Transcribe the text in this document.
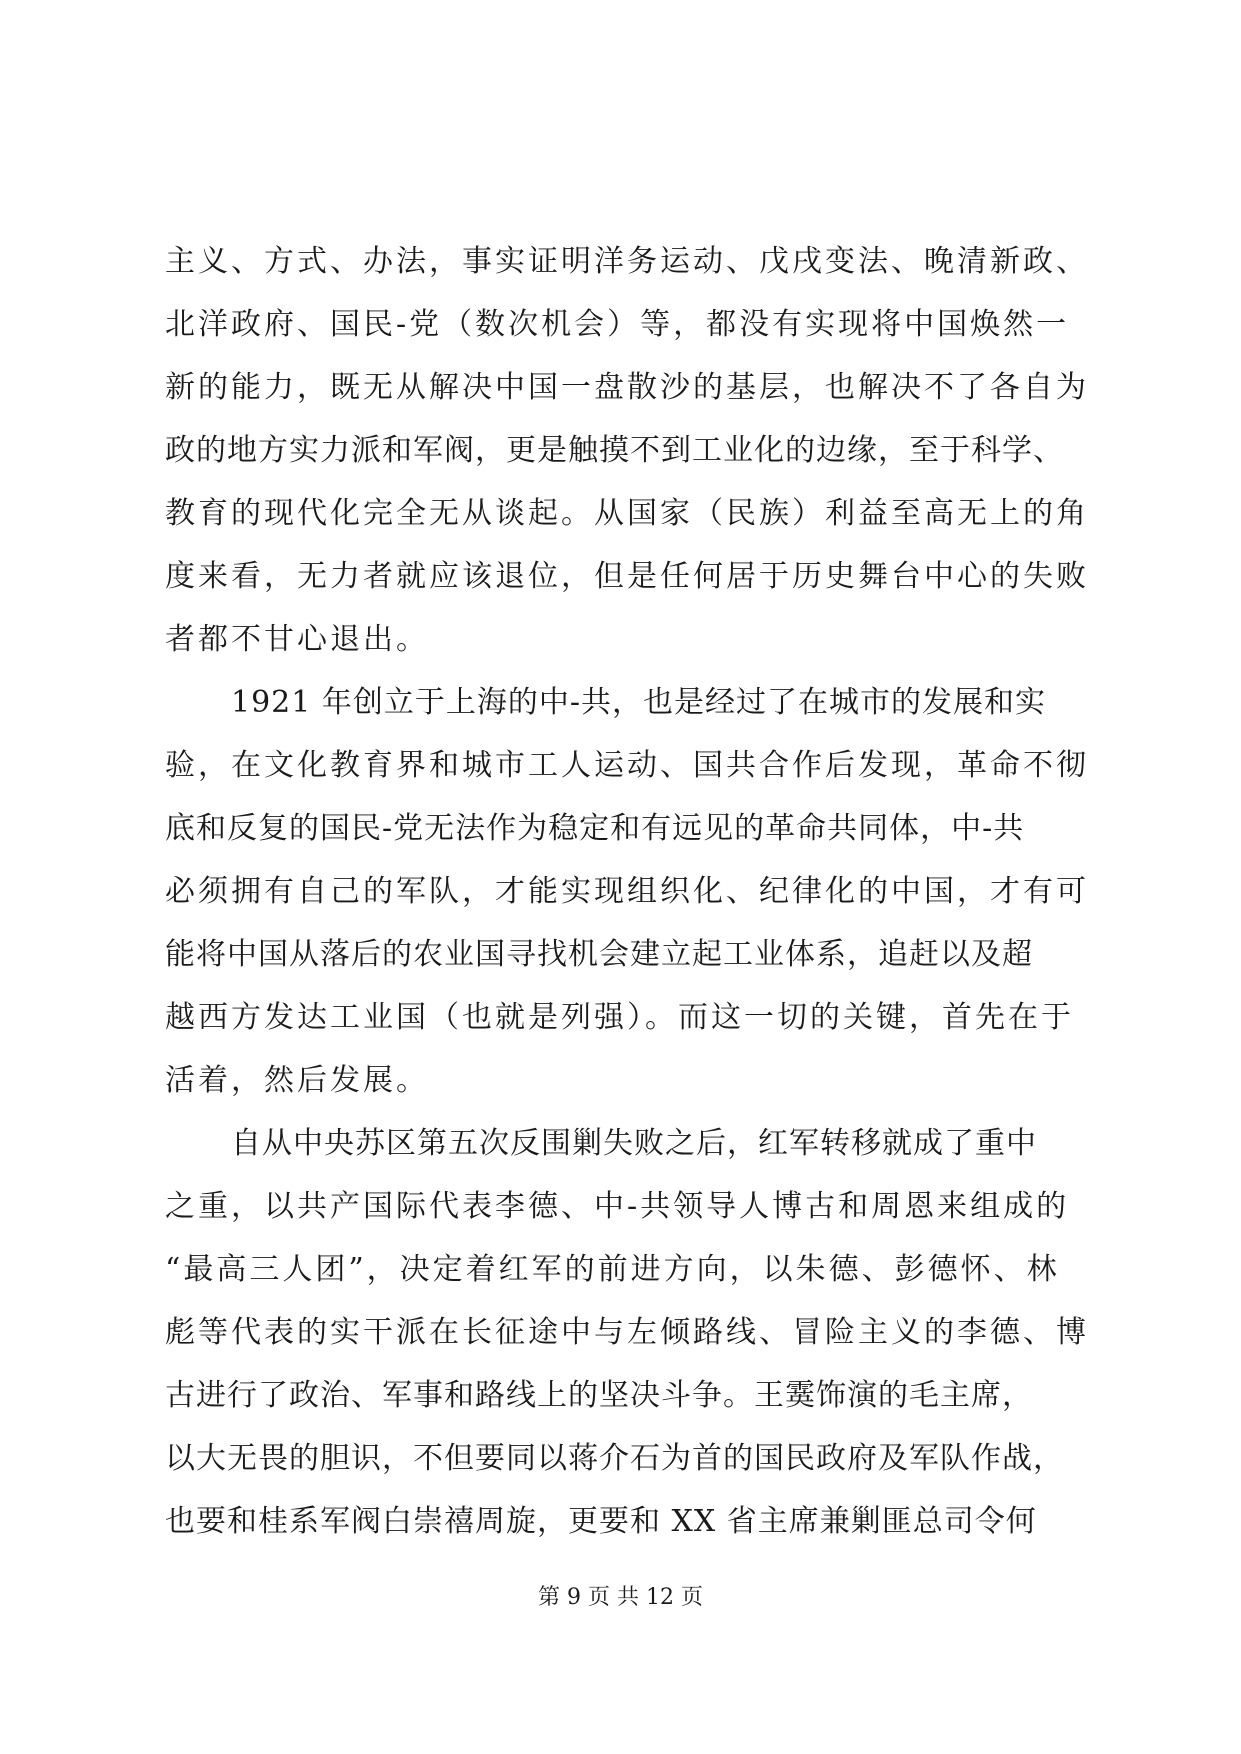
主义、方式、办法，事实证明洋务运动、戊戌变法、晚清新政、
北洋政府、国民-党（数次机会）等，都没有实现将中国焕然一
新的能力，既无从解决中国一盘散沙的基层，也解决不了各自为
政的地方实力派和军阀，更是触摸不到工业化的边缘，至于科学、
教育的现代化完全无从谈起。从国家（民族）利益至高无上的角
度来看，无力者就应该退位，但是任何居于历史舞台中心的失败
者都不甘心退出。
1921 年创立于上海的中-共，也是经过了在城市的发展和实
验，在文化教育界和城市工人运动、国共合作后发现，革命不彻
底和反复的国民-党无法作为稳定和有远见的革命共同体，中-共
必须拥有自己的军队，才能实现组织化、纪律化的中国，才有可
能将中国从落后的农业国寻找机会建立起工业体系，追赶以及超
越西方发达工业国（也就是列强）。而这一切的关键，首先在于
活着，然后发展。
自从中央苏区第五次反围剿失败之后，红军转移就成了重中
之重，以共产国际代表李德、中-共领导人博古和周恩来组成的
“最高三人团”，决定着红军的前进方向，以朱德、彭德怀、林
彪等代表的实干派在长征途中与左倾路线、冒险主义的李德、博
古进行了政治、军事和路线上的坚决斗争。王霙饰演的毛主席，
以大无畏的胆识，不但要同以蒋介石为首的国民政府及军队作战，
也要和桂系军阀白崇禧周旋，更要和 XX 省主席兼剿匪总司令何
第 9 页 共 12 页
